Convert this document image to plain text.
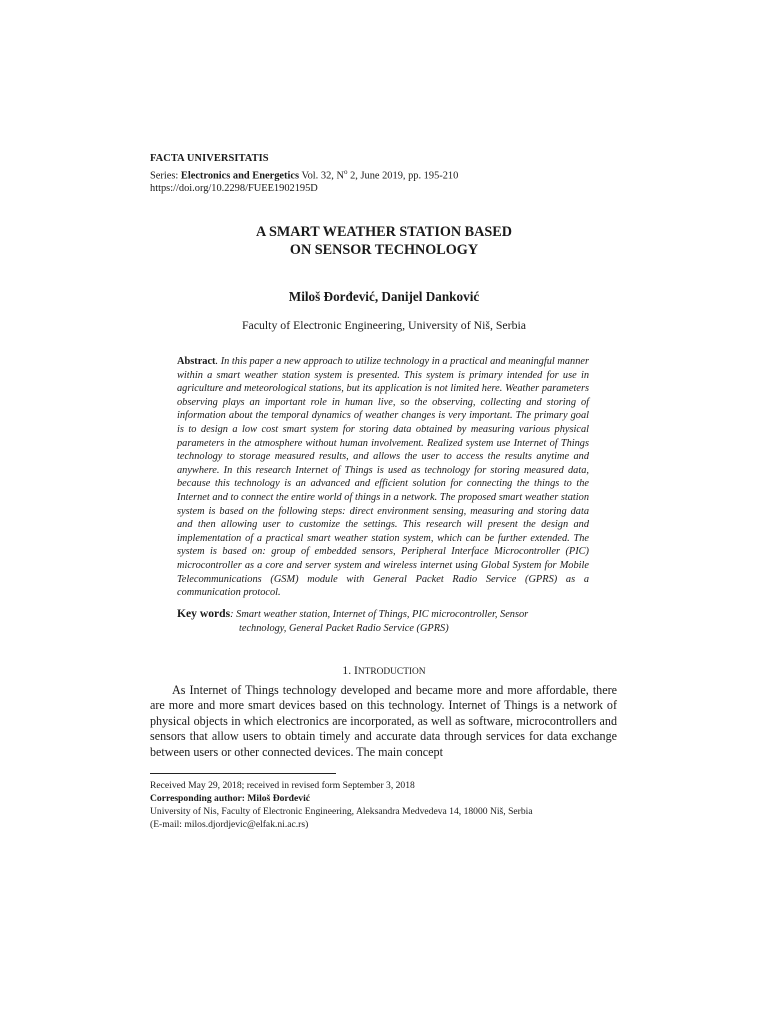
FACTA UNIVERSITATIS
Series: Electronics and Energetics Vol. 32, $N^o$ 2, June 2019, pp. 195-210
https://doi.org/10.2298/FUEE1902195D
A SMART WEATHER STATION BASED
ON SENSOR TECHNOLOGY
Miloš Đorđević, Danijel Danković
Faculty of Electronic Engineering, University of Niš, Serbia
Abstract. In this paper a new approach to utilize technology in a practical and meaningful manner within a smart weather station system is presented. This system is primary intended for use in agriculture and meteorological stations, but its application is not limited here. Weather parameters observing plays an important role in human live, so the observing, collecting and storing of information about the temporal dynamics of weather changes is very important. The primary goal is to design a low cost smart system for storing data obtained by measuring various physical parameters in the atmosphere without human involvement. Realized system use Internet of Things technology to storage measured results, and allows the user to access the results anytime and anywhere. In this research Internet of Things is used as technology for storing measured data, because this technology is an advanced and efficient solution for connecting the things to the Internet and to connect the entire world of things in a network. The proposed smart weather station system is based on the following steps: direct environment sensing, measuring and storing data and then allowing user to customize the settings. This research will present the design and implementation of a practical smart weather station system, which can be further extended. The system is based on: group of embedded sensors, Peripheral Interface Microcontroller (PIC) microcontroller as a core and server system and wireless internet using Global System for Mobile Telecommunications (GSM) module with General Packet Radio Service (GPRS) as a communication protocol.
Key words: Smart weather station, Internet of Things, PIC microcontroller, Sensor
technology, General Packet Radio Service (GPRS)
1. INTRODUCTION
As Internet of Things technology developed and became more and more affordable, there are more and more smart devices based on this technology. Internet of Things is a network of physical objects in which electronics are incorporated, as well as software, microcontrollers and sensors that allow users to obtain timely and accurate data through services for data exchange between users or other connected devices. The main concept
Received May 29, 2018; received in revised form September 3, 2018
Corresponding author: Miloš Đorđević
University of Nis, Faculty of Electronic Engineering, Aleksandra Medvedeva 14, 18000 Niš, Serbia
(E-mail: milos.djordjevic@elfak.ni.ac.rs)
